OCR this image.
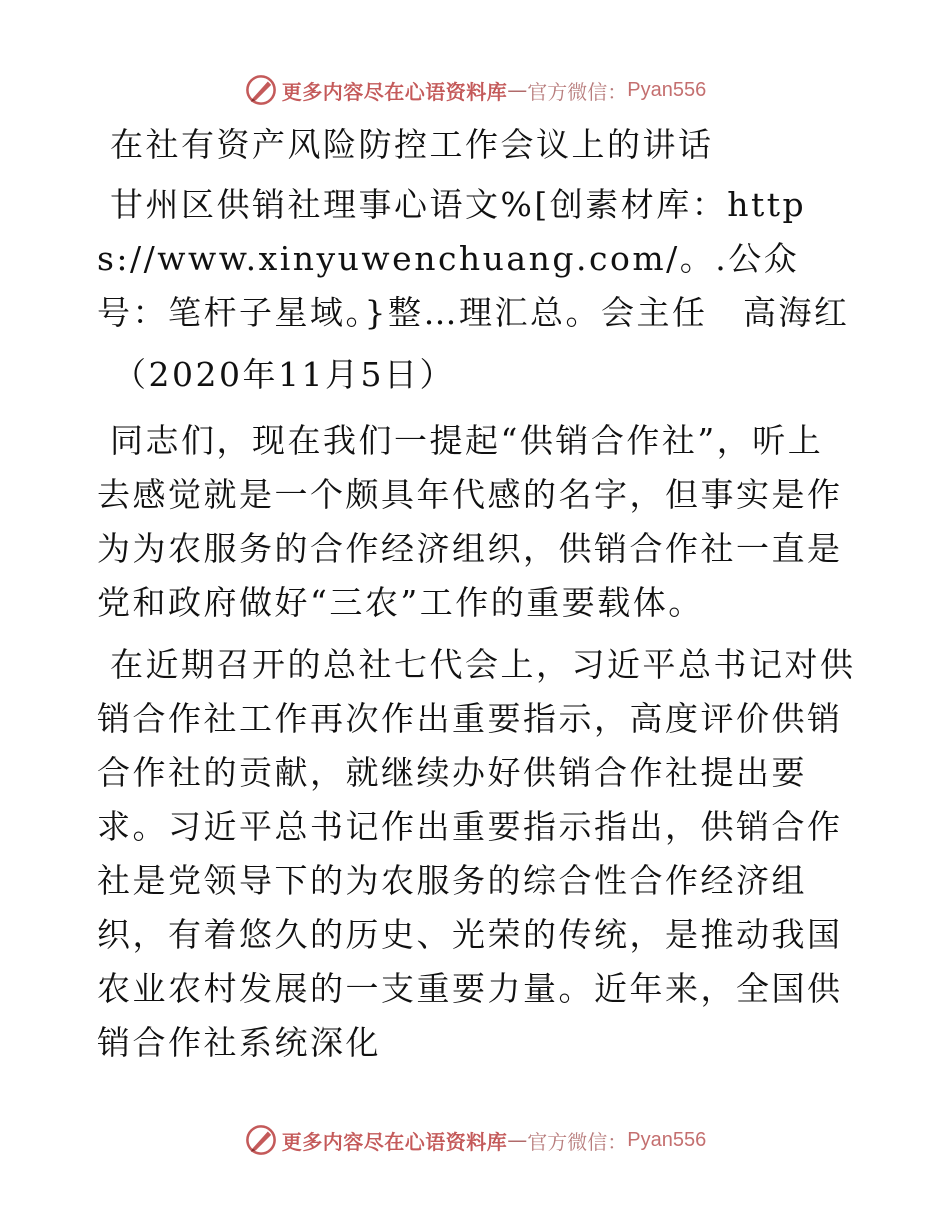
更多内容尽在心语资料库 — 官方微信： Pyan556

在社有资产风险防控工作会议上的讲话

甘州区供销社理事心语文%[创素材库：https://www.xinyuwenchuang.com/。.公众号：笔杆子星域。}整…理汇总。会主任　高海红

（2020年11月5日）

同志们，现在我们一提起“供销合作社”，听上去感觉就是一个颇具年代感的名字，但事实是作为为农服务的合作经济组织，供销合作社一直是党和政府做好“三农”工作的重要载体。

在近期召开的总社七代会上，习近平总书记对供销合作社工作再次作出重要指示，高度评价供销合作社的贡献，就继续办好供销合作社提出要求。习近平总书记作出重要指示指出，供销合作社是党领导下的为农服务的综合性合作经济组织，有着悠久的历史、光荣的传统，是推动我国农业农村发展的一支重要力量。近年来，全国供销合作社系统深化

更多内容尽在心语资料库 — 官方微信： Pyan556
